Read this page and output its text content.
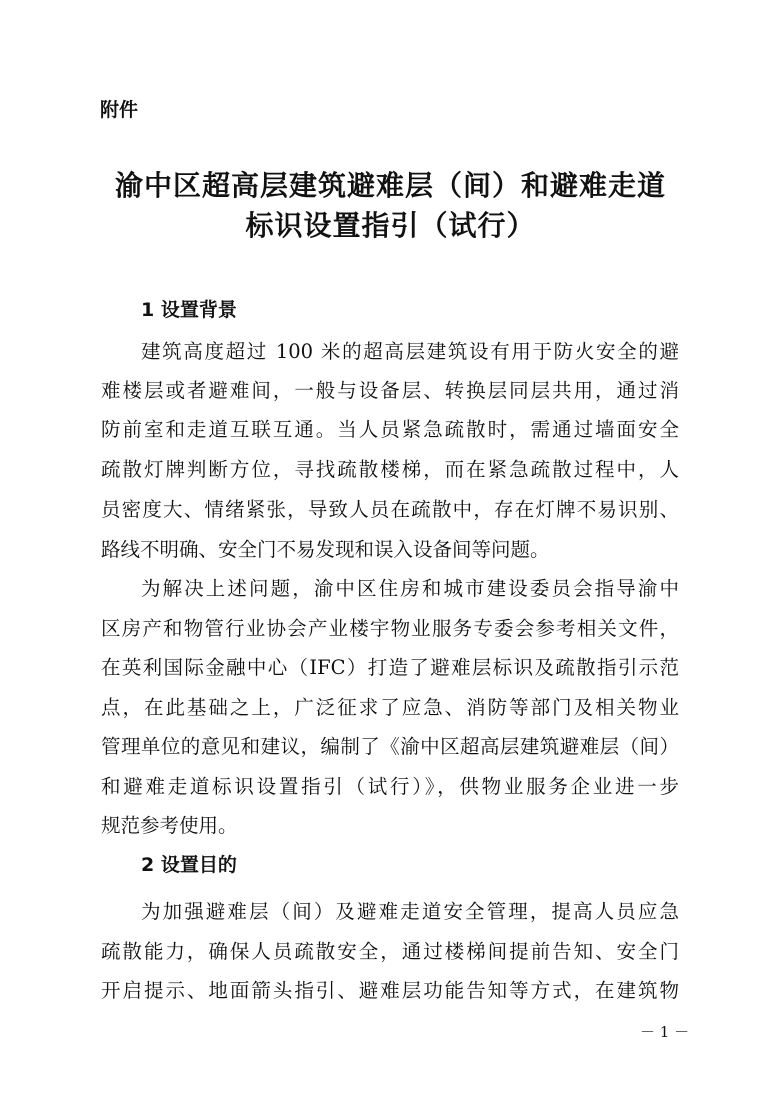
附件
渝中区超高层建筑避难层（间）和避难走道
标识设置指引（试行）
1 设置背景
建筑高度超过 100 米的超高层建筑设有用于防火安全的避
难楼层或者避难间，一般与设备层、转换层同层共用，通过消
防前室和走道互联互通。当人员紧急疏散时，需通过墙面安全
疏散灯牌判断方位，寻找疏散楼梯，而在紧急疏散过程中，人
员密度大、情绪紧张，导致人员在疏散中，存在灯牌不易识别、
路线不明确、安全门不易发现和误入设备间等问题。
为解决上述问题，渝中区住房和城市建设委员会指导渝中
区房产和物管行业协会产业楼宇物业服务专委会参考相关文件，
在英利国际金融中心（IFC）打造了避难层标识及疏散指引示范
点，在此基础之上，广泛征求了应急、消防等部门及相关物业
管理单位的意见和建议，编制了《渝中区超高层建筑避难层（间）
和避难走道标识设置指引（试行）》，供物业服务企业进一步
规范参考使用。
2 设置目的
为加强避难层（间）及避难走道安全管理，提高人员应急
疏散能力，确保人员疏散安全，通过楼梯间提前告知、安全门
开启提示、地面箭头指引、避难层功能告知等方式，在建筑物
－ 1 －
